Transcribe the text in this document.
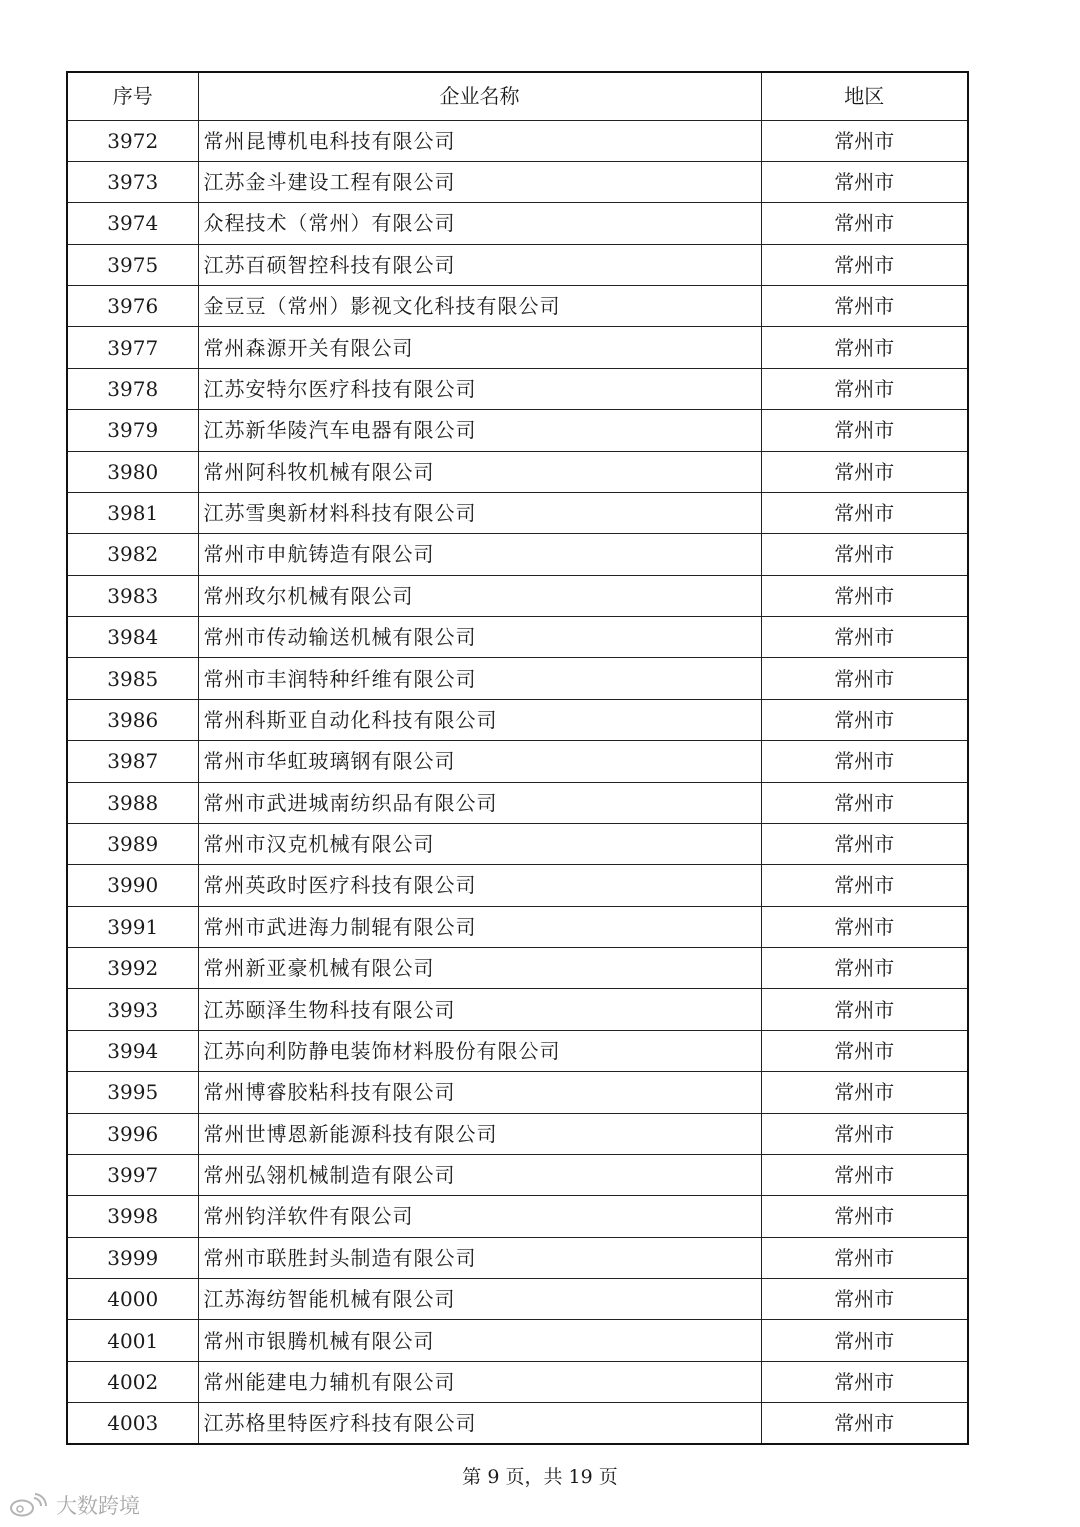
序号	企业名称	地区
3972	常州昆博机电科技有限公司	常州市
3973	江苏金斗建设工程有限公司	常州市
3974	众程技术（常州）有限公司	常州市
3975	江苏百硕智控科技有限公司	常州市
3976	金豆豆（常州）影视文化科技有限公司	常州市
3977	常州森源开关有限公司	常州市
3978	江苏安特尔医疗科技有限公司	常州市
3979	江苏新华陵汽车电器有限公司	常州市
3980	常州阿科牧机械有限公司	常州市
3981	江苏雪奥新材料科技有限公司	常州市
3982	常州市申航铸造有限公司	常州市
3983	常州玫尔机械有限公司	常州市
3984	常州市传动输送机械有限公司	常州市
3985	常州市丰润特种纤维有限公司	常州市
3986	常州科斯亚自动化科技有限公司	常州市
3987	常州市华虹玻璃钢有限公司	常州市
3988	常州市武进城南纺织品有限公司	常州市
3989	常州市汉克机械有限公司	常州市
3990	常州英政时医疗科技有限公司	常州市
3991	常州市武进海力制辊有限公司	常州市
3992	常州新亚豪机械有限公司	常州市
3993	江苏颐泽生物科技有限公司	常州市
3994	江苏向利防静电装饰材料股份有限公司	常州市
3995	常州博睿胶粘科技有限公司	常州市
3996	常州世博恩新能源科技有限公司	常州市
3997	常州弘翎机械制造有限公司	常州市
3998	常州钧洋软件有限公司	常州市
3999	常州市联胜封头制造有限公司	常州市
4000	江苏海纺智能机械有限公司	常州市
4001	常州市银腾机械有限公司	常州市
4002	常州能建电力辅机有限公司	常州市
4003	江苏格里特医疗科技有限公司	常州市
第 9 页，共 19 页
大数跨境
